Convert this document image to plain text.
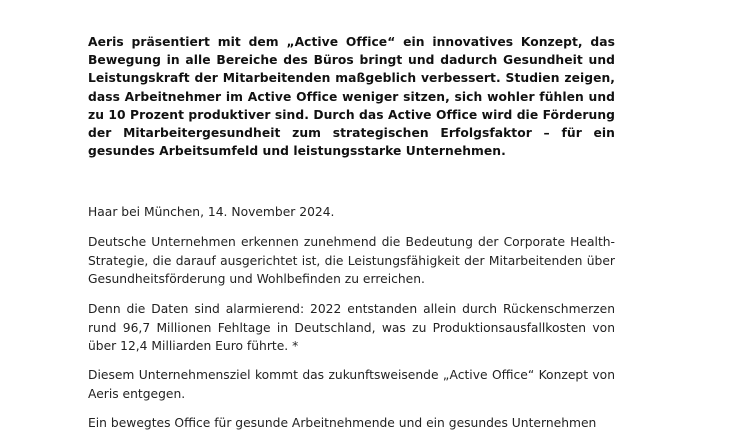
Aeris präsentiert mit dem „Active Office“ ein innovatives Konzept, das Bewegung in alle Bereiche des Büros bringt und dadurch Gesundheit und Leistungskraft der Mitarbeitenden maßgeblich verbessert. Studien zeigen, dass Arbeitnehmer im Active Office weniger sitzen, sich wohler fühlen und zu 10 Prozent produktiver sind. Durch das Active Office wird die Förderung der Mitarbeitergesundheit zum strategischen Erfolgsfaktor – für ein gesundes Arbeitsumfeld und leistungsstarke Unternehmen.

Haar bei München, 14. November 2024.

Deutsche Unternehmen erkennen zunehmend die Bedeutung der Corporate Health-Strategie, die darauf ausgerichtet ist, die Leistungsfähigkeit der Mitarbeitenden über Gesundheitsförderung und Wohlbefinden zu erreichen.

Denn die Daten sind alarmierend: 2022 entstanden allein durch Rückenschmerzen rund 96,7 Millionen Fehltage in Deutschland, was zu Produktionsausfallkosten von über 12,4 Milliarden Euro führte. *

Diesem Unternehmensziel kommt das zukunftsweisende „Active Office“ Konzept von Aeris entgegen.

Ein bewegtes Office für gesunde Arbeitnehmende und ein gesundes Unternehmen
